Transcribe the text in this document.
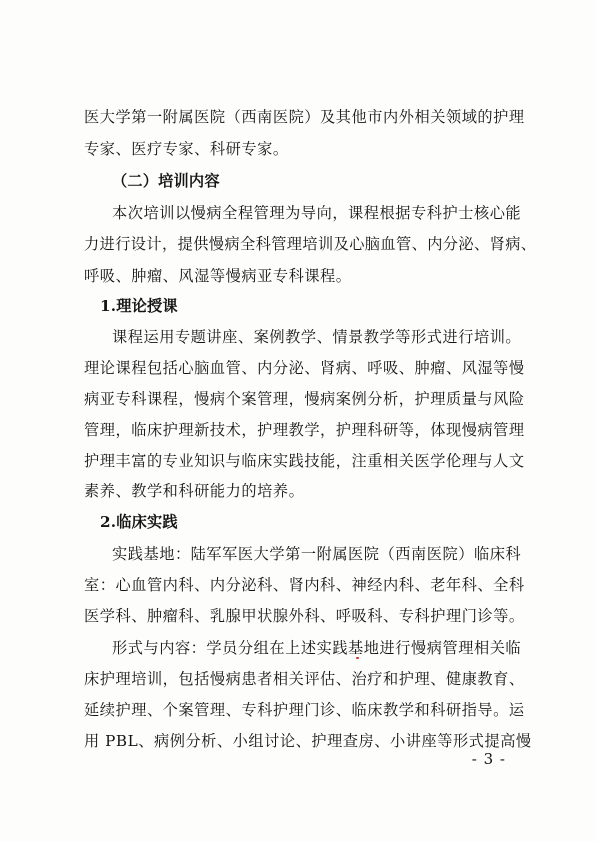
医大学第一附属医院（西南医院）及其他市内外相关领域的护理
专家、医疗专家、科研专家。
（二）培训内容
本次培训以慢病全程管理为导向，课程根据专科护士核心能
力进行设计，提供慢病全科管理培训及心脑血管、内分泌、肾病、
呼吸、肿瘤、风湿等慢病亚专科课程。
1.理论授课
课程运用专题讲座、案例教学、情景教学等形式进行培训。
理论课程包括心脑血管、内分泌、肾病、呼吸、肿瘤、风湿等慢
病亚专科课程，慢病个案管理，慢病案例分析，护理质量与风险
管理，临床护理新技术，护理教学，护理科研等，体现慢病管理
护理丰富的专业知识与临床实践技能，注重相关医学伦理与人文
素养、教学和科研能力的培养。
2.临床实践
实践基地：陆军军医大学第一附属医院（西南医院）临床科
室：心血管内科、内分泌科、肾内科、神经内科、老年科、全科
医学科、肿瘤科、乳腺甲状腺外科、呼吸科、专科护理门诊等。
形式与内容：学员分组在上述实践基地进行慢病管理相关临
床护理培训，包括慢病患者相关评估、治疗和护理、健康教育、
延续护理、个案管理、专科护理门诊、临床教学和科研指导。运
用 PBL、病例分析、小组讨论、护理查房、小讲座等形式提高慢
- 3 -
